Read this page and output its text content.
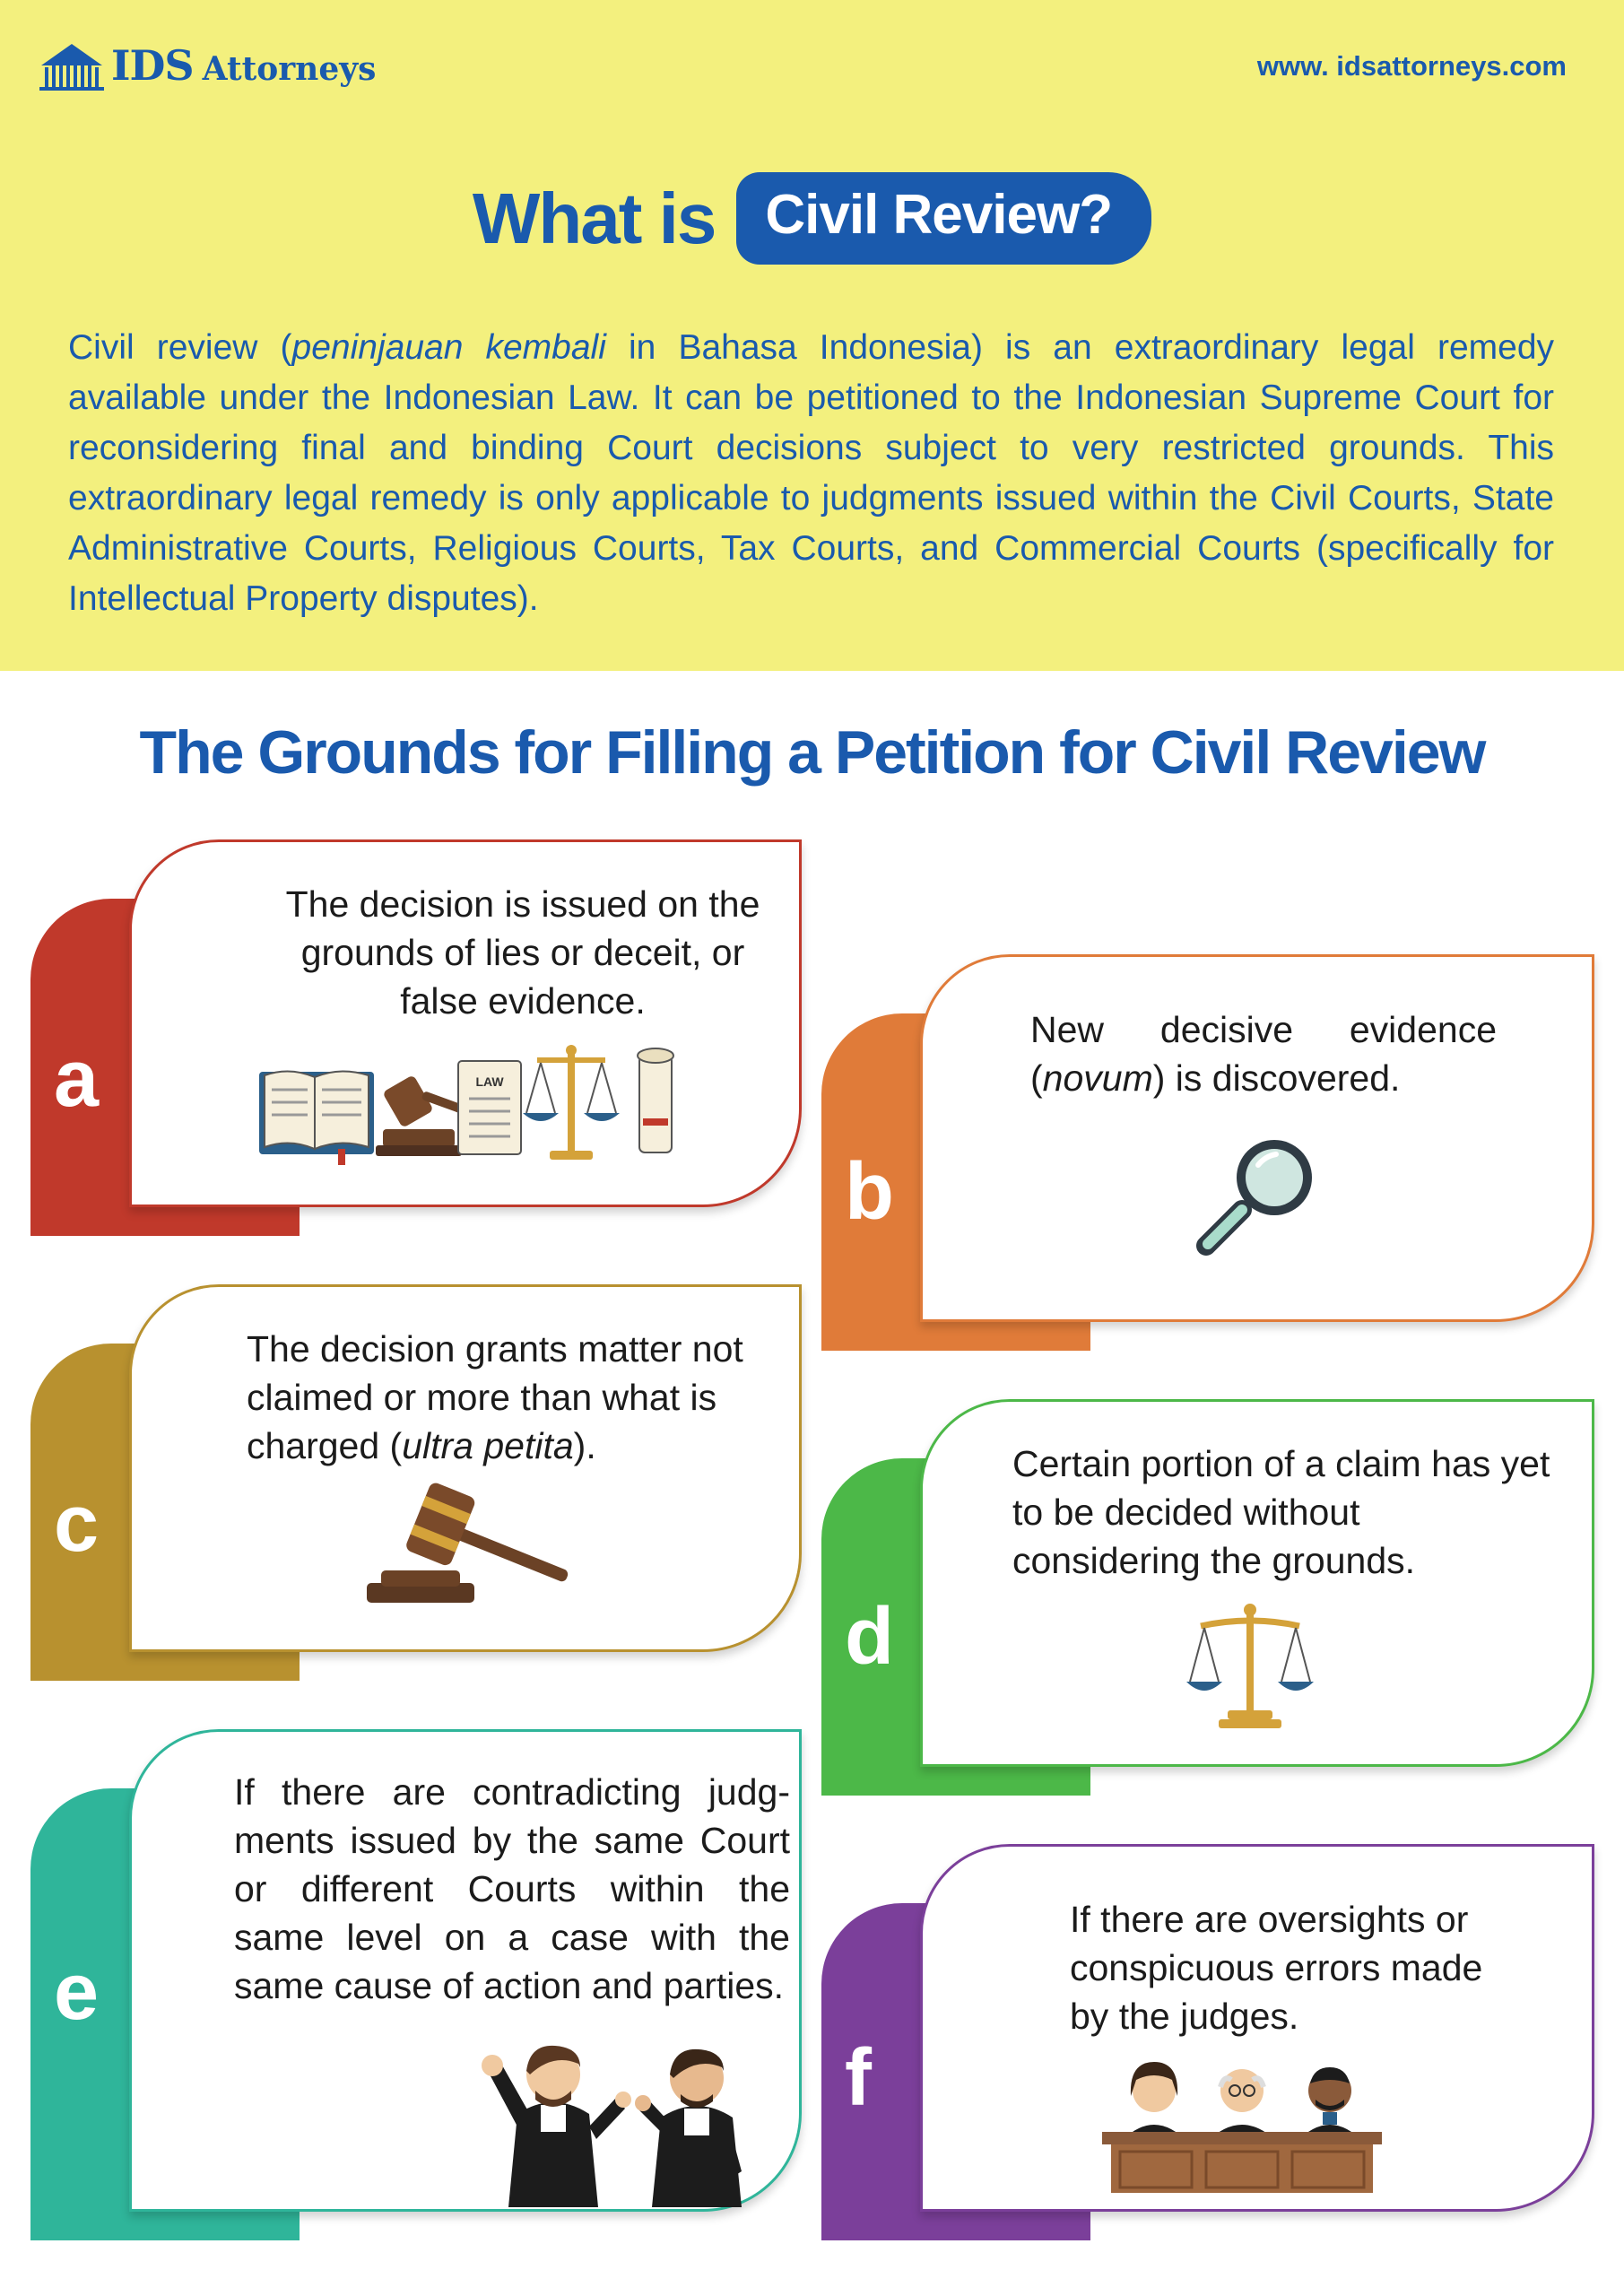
IDS Attorneys	www. idsattorneys.com
What is Civil Review?

Civil review (peninjauan kembali in Bahasa Indonesia) is an extraordinary legal remedy available under the Indonesian Law. It can be petitioned to the Indonesian Supreme Court for reconsidering final and binding Court decisions subject to very restricted grounds. This extraordinary legal remedy is only applicable to judgments issued within the Civil Courts, State Administrative Courts, Religious Courts, Tax Courts, and Commercial Courts (specifically for Intellectual Property disputes).

The Grounds for Filling a Petition for Civil Review
a
The decision is issued on the grounds of lies or deceit, or false evidence.
LAW
b
New decisive evidence (novum) is discovered.
c
The decision grants matter not claimed or more than what is charged (ultra petita).
d
Certain portion of a claim has yet to be decided without considering the grounds.
e
If there are contradicting judg-ments issued by the same Court or different Courts within the same level on a case with the same cause of action and parties.
f
If there are oversights or conspicuous errors made by the judges.
